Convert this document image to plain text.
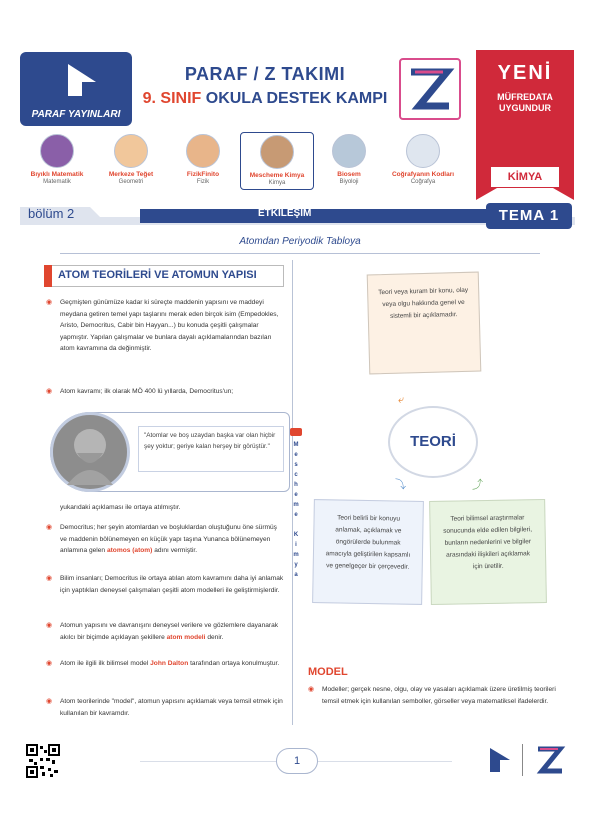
PARAF YAYINLARI
PARAF / Z TAKIMI
9. SINIF OKULA DESTEK KAMPI
YENİ
MÜFREDATA
UYGUNDUR
KİMYA
Bıyıklı Matematik
Matematik
Merkeze Teğet
Geometri
FizikFinito
Fizik
Mescheme Kimya
Kimya
Biosem
Biyoloji
Coğrafyanın Kodları
Coğrafya
bölüm 2	ETKİLEŞİM	TEMA 1
Atomdan Periyodik Tabloya
ATOM TEORİLERİ VE ATOMUN YAPISI
◉ Geçmişten günümüze kadar ki süreçte maddenin yapısını ve maddeyi meydana getiren temel yapı taşlarını merak eden birçok isim (Empedokles, Aristo, Democritus, Cabir bin Hayyan...) bu konuda çeşitli çalışmalar yapmıştır. Yapılan çalışmalar ve bunlara dayalı açıklamalarından bazıları atom kavramına da değinmiştir.
◉ Atom kavramı; ilk olarak MÖ 400 lü yıllarda, Democritus'un;
"Atomlar ve boş uzaydan başka var olan hiçbir şey yoktur; geriye kalan herşey bir görüştür."
yukarıdaki açıklaması ile ortaya atılmıştır.
◉ Democritus; her şeyin atomlardan ve boşluklardan oluştuğunu öne sürmüş ve maddenin bölünemeyen en küçük yapı taşına Yunanca bölünemeyen anlamına gelen atomos (atom) adını vermiştir.
◉ Bilim insanları; Democritus ile ortaya atılan atom kavramını daha iyi anlamak için yaptıkları deneysel çalışmaları çeşitli atom modelleri ile geliştirmişlerdir.
◉ Atomun yapısını ve davranışını deneysel verilere ve gözlemlere dayanarak akılcı bir biçimde açıklayan şekillere atom modeli denir.
◉ Atom ile ilgili ilk bilimsel model John Dalton tarafından ortaya konulmuştur.
◉ Atom teorilerinde "model", atomun yapısını açıklamak veya temsil etmek için kullanılan bir kavramdır.
M
e
s
c
h
e
m
e

K
i
m
y
a
Teori veya kuram bir konu, olay veya olgu hakkında genel ve sistemli bir açıklamadır.
⤶
TEORİ
⤵	⤴
Teori belirli bir konuyu anlamak, açıklamak ve öngörülerde bulunmak amacıyla geliştirilen kapsamlı ve genelgeçer bir çerçevedir.
Teori bilimsel araştırmalar sonucunda elde edilen bilgileri, bunların nedenlerini ve bilgiler arasındaki ilişkileri açıklamak için üretilir.
MODEL
◉ Modeller; gerçek nesne, olgu, olay ve yasaları açıklamak üzere üretilmiş teorileri temsil etmek için kullanılan semboller, görseller veya matematiksel ifadelerdir.
1
